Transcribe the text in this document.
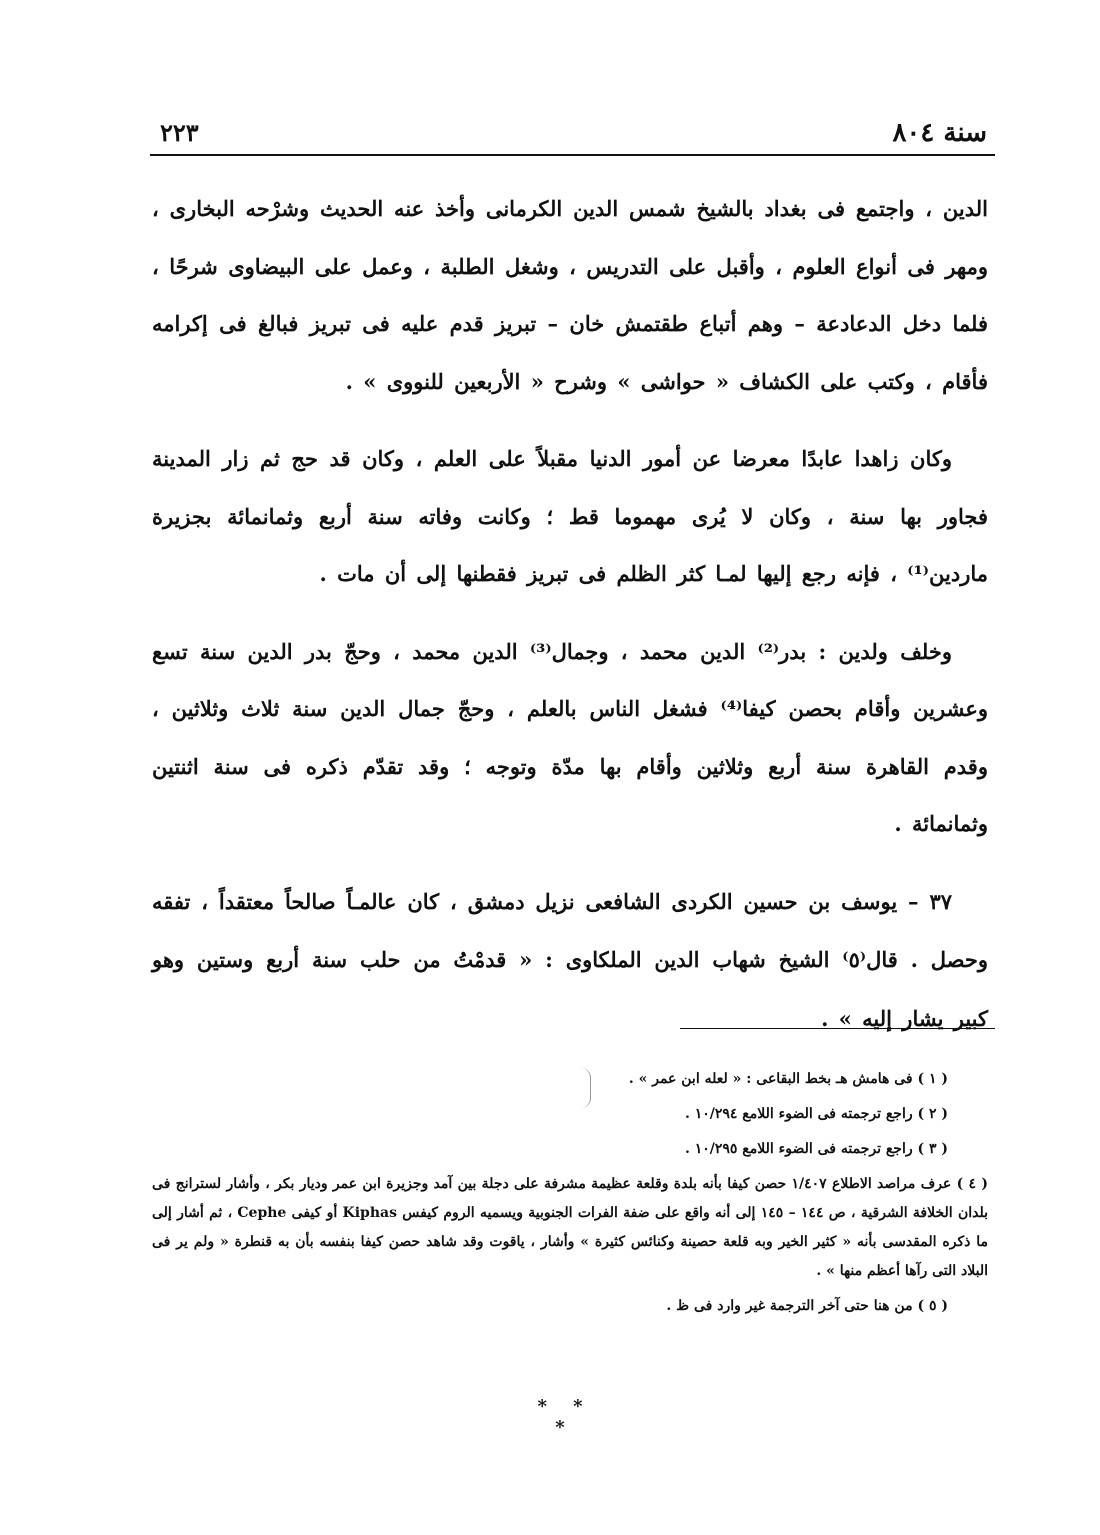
٢٢٣	سنة ٨٠٤

الدين ، واجتمع فى بغداد بالشيخ شمس الدين الكرمانى وأخذ عنه الحديث وشرْحه البخارى ، ومهر فى أنواع العلوم ، وأقبل على التدريس ، وشغل الطلبة ، وعمل على البيضاوى شرحًا ، فلما دخل الدعادعة – وهم أتباع طقتمش خان – تبريز قدم عليه فى تبريز فبالغ فى إكرامه فأقام ، وكتب على الكشاف « حواشى » وشرح « الأربعين للنووى » .

وكان زاهدا عابدًا معرضا عن أمور الدنيا مقبلاً على العلم ، وكان قد حج ثم زار المدينة فجاور بها سنة ، وكان لا يُرى مهموما قط ؛ وكانت وفاته سنة أربع وثمانمائة بجزيرة ماردين⁽¹⁾ ، فإنه رجع إليها لمـا كثر الظلم فى تبريز فقطنها إلى أن مات .

وخلف ولدين : بدر⁽²⁾ الدين محمد ، وجمال⁽³⁾ الدين محمد ، وحجّ بدر الدين سنة تسع وعشرين وأقام بحصن كيفا⁽⁴⁾ فشغل الناس بالعلم ، وحجّ جمال الدين سنة ثلاث وثلاثين ، وقدم القاهرة سنة أربع وثلاثين وأقام بها مدّة وتوجه ؛ وقد تقدّم ذكره فى سنة اثنتين وثمانمائة .

٣٧ – يوسف بن حسين الكردى الشافعى نزيل دمشق ، كان عالمـاً صالحاً معتقداً ، تفقه وحصل . قال⁽٥⁾ الشيخ شهاب الدين الملكاوى : « قدمْتُ من حلب سنة أربع وستين وهو كبير يشار إليه » .

( ١ ) فى هامش هـ بخط البقاعى : « لعله ابن عمر » .

( ٢ ) راجع ترجمته فى الضوء اللامع ١٠/٢٩٤ .

( ٣ ) راجع ترجمته فى الضوء اللامع ١٠/٢٩٥ .

( ٤ ) عرف مراصد الاطلاع ١/٤٠٧ حصن كيفا بأنه بلدة وقلعة عظيمة مشرفة على دجلة بين آمد وجزيرة ابن عمر وديار بكر ، وأشار لسترانج فى بلدان الخلافة الشرقية ، ص ١٤٤ – ١٤٥ إلى أنه واقع على ضفة الفرات الجنوبية ويسميه الروم كيفس Kiphas أو كيفى Cephe ، ثم أشار إلى ما ذكره المقدسى بأنه « كثير الخير وبه قلعة حصينة وكنائس كثيرة » وأشار ، ياقوت وقد شاهد حصن كيفا بنفسه بأن به قنطرة « ولم ير فى البلاد التى رآها أعظم منها » .

( ٥ ) من هنا حتى آخر الترجمة غير وارد فى ظ .

* * *
